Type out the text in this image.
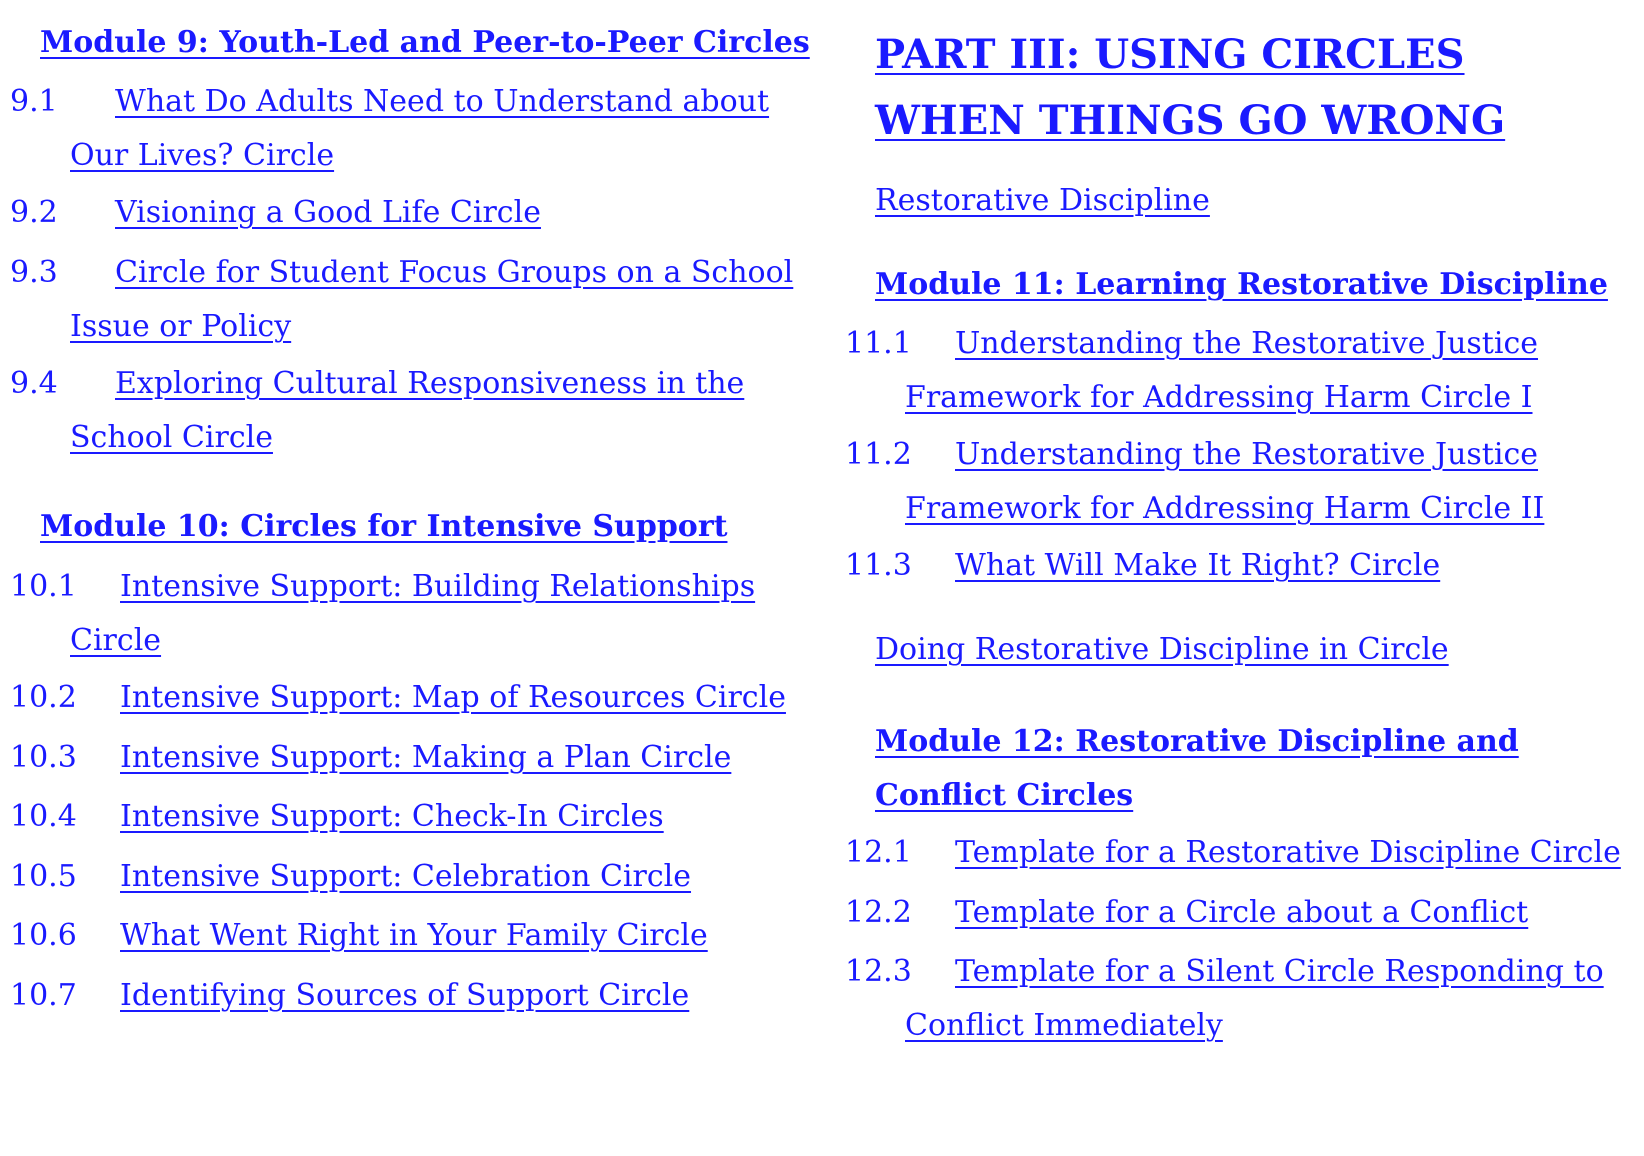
Module 9: Youth-Led and Peer-to-Peer Circles
9.1 What Do Adults Need to Understand about Our Lives? Circle
9.2 Visioning a Good Life Circle
9.3 Circle for Student Focus Groups on a School Issue or Policy
9.4 Exploring Cultural Responsiveness in the School Circle
Module 10: Circles for Intensive Support
10.1 Intensive Support: Building Relationships Circle
10.2 Intensive Support: Map of Resources Circle
10.3 Intensive Support: Making a Plan Circle
10.4 Intensive Support: Check-In Circles
10.5 Intensive Support: Celebration Circle
10.6 What Went Right in Your Family Circle
10.7 Identifying Sources of Support Circle
PART III: USING CIRCLES WHEN THINGS GO WRONG
Restorative Discipline
Module 11: Learning Restorative Discipline
11.1 Understanding the Restorative Justice Framework for Addressing Harm Circle I
11.2 Understanding the Restorative Justice Framework for Addressing Harm Circle II
11.3 What Will Make It Right? Circle
Doing Restorative Discipline in Circle
Module 12: Restorative Discipline and Conflict Circles
12.1 Template for a Restorative Discipline Circle
12.2 Template for a Circle about a Conflict
12.3 Template for a Silent Circle Responding to Conflict Immediately
